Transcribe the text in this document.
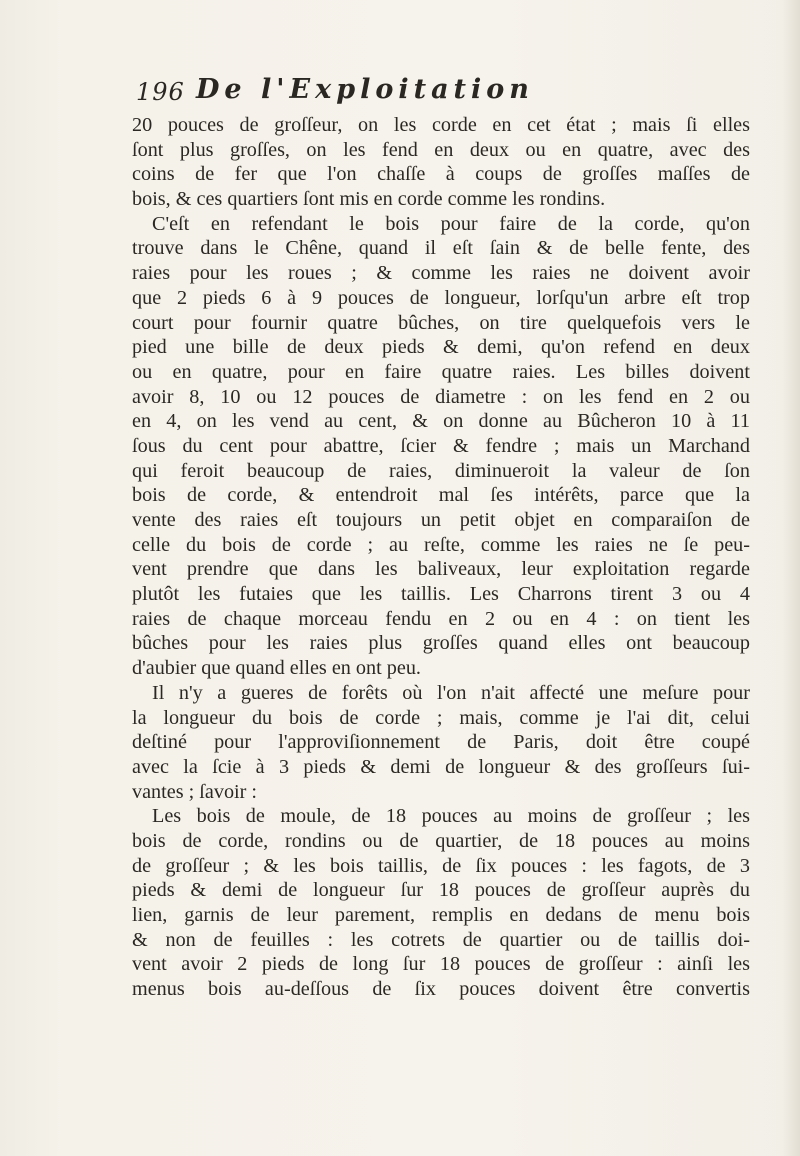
196 De l'Exploitation
20 pouces de groſſeur, on les corde en cet état ; mais ſi elles
ſont plus groſſes, on les fend en deux ou en quatre, avec des
coins de fer que l'on chaſſe à coups de groſſes maſſes de
bois, & ces quartiers ſont mis en corde comme les rondins.
C'eſt en refendant le bois pour faire de la corde, qu'on
trouve dans le Chêne, quand il eſt ſain & de belle fente, des
raies pour les roues ; & comme les raies ne doivent avoir
que 2 pieds 6 à 9 pouces de longueur, lorſqu'un arbre eſt trop
court pour fournir quatre bûches, on tire quelquefois vers le
pied une bille de deux pieds & demi, qu'on refend en deux
ou en quatre, pour en faire quatre raies. Les billes doivent
avoir 8, 10 ou 12 pouces de diametre : on les fend en 2 ou
en 4, on les vend au cent, & on donne au Bûcheron 10 à 11
ſous du cent pour abattre, ſcier & fendre ; mais un Marchand
qui feroit beaucoup de raies, diminueroit la valeur de ſon
bois de corde, & entendroit mal ſes intérêts, parce que la
vente des raies eſt toujours un petit objet en comparaiſon de
celle du bois de corde ; au reſte, comme les raies ne ſe peu-
vent prendre que dans les baliveaux, leur exploitation regarde
plutôt les futaies que les taillis. Les Charrons tirent 3 ou 4
raies de chaque morceau fendu en 2 ou en 4 : on tient les
bûches pour les raies plus groſſes quand elles ont beaucoup
d'aubier que quand elles en ont peu.
Il n'y a gueres de forêts où l'on n'ait affecté une meſure pour
la longueur du bois de corde ; mais, comme je l'ai dit, celui
deſtiné pour l'approviſionnement de Paris, doit être coupé
avec la ſcie à 3 pieds & demi de longueur & des groſſeurs ſui-
vantes ; ſavoir :
Les bois de moule, de 18 pouces au moins de groſſeur ; les
bois de corde, rondins ou de quartier, de 18 pouces au moins
de groſſeur ; & les bois taillis, de ſix pouces : les fagots, de 3
pieds & demi de longueur ſur 18 pouces de groſſeur auprès du
lien, garnis de leur parement, remplis en dedans de menu bois
& non de feuilles : les cotrets de quartier ou de taillis doi-
vent avoir 2 pieds de long ſur 18 pouces de groſſeur : ainſi les
menus bois au-deſſous de ſix pouces doivent être convertis
